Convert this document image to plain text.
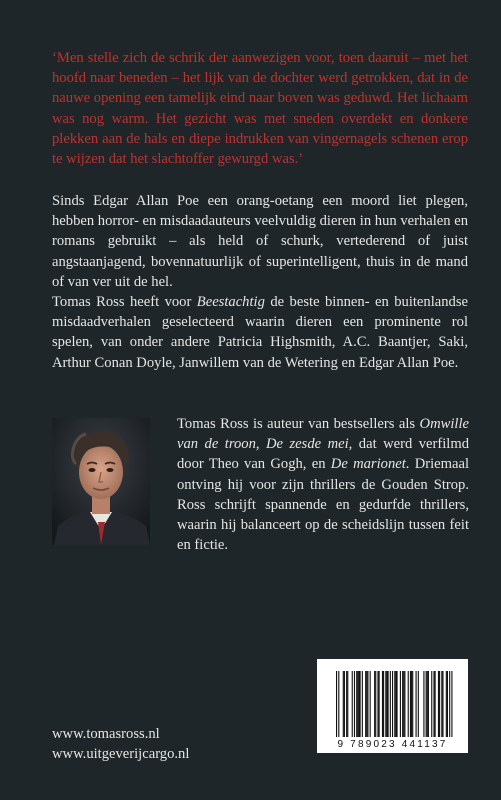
‘Men stelle zich de schrik der aanwezigen voor, toen daaruit – met het hoofd naar beneden – het lijk van de dochter werd getrokken, dat in de nauwe opening een tamelijk eind naar boven was geduwd. Het lichaam was nog warm. Het gezicht was met sneden overdekt en donkere plekken aan de hals en diepe indrukken van vingernagels schenen erop te wijzen dat het slachtoffer gewurgd was.’

Sinds Edgar Allan Poe een orang-oetang een moord liet plegen, hebben horror- en misdaadauteurs veelvuldig dieren in hun verhalen en romans gebruikt – als held of schurk, vertederend of juist angstaanjagend, bovennatuurlijk of superintelligent, thuis in de mand of van ver uit de hel.

Tomas Ross heeft voor Beestachtig de beste binnen- en buitenlandse misdaadverhalen geselecteerd waarin dieren een prominente rol spelen, van onder andere Patricia Highsmith, A.C. Baantjer, Saki, Arthur Conan Doyle, Janwillem van de Wetering en Edgar Allan Poe.

Tomas Ross is auteur van bestsellers als Omwille van de troon, De zesde mei, dat werd verfilmd door Theo van Gogh, en De marionet. Driemaal ontving hij voor zijn thrillers de Gouden Strop. Ross schrijft spannende en gedurfde thrillers, waarin hij balanceert op de scheidslijn tussen feit en fictie.

9 789023 441137
www.tomasross.nl
www.uitgeverijcargo.nl
